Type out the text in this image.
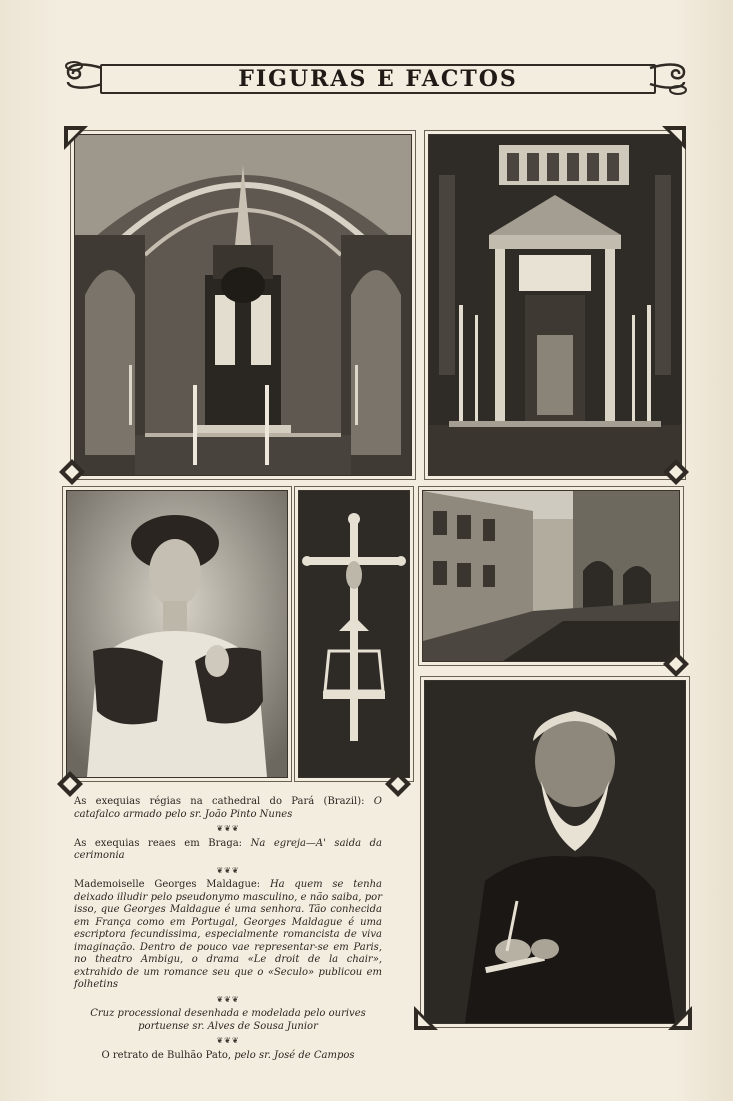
FIGURAS E FACTOS

As exequias régias na cathedral do Pará (Brazil): O catafalco armado pelo sr. João Pinto Nunes

❦❦❦

As exequias reaes em Braga: Na egreja—A' saida da cerimonia

❦❦❦

Mademoiselle Georges Maldague: Ha quem se tenha deixado illudir pelo pseudonymo masculino, e não saiba, por isso, que Georges Maldague é uma senhora. Tão conhecida em França como em Portugal, Georges Maldague é uma escriptora fecundissima, especialmente romancista de viva imaginação. Dentro de pouco vae representar-se em Paris, no theatro Ambigu, o drama «Le droit de la chair», extrahido de um romance seu que o «Seculo» publicou em folhetins

❦❦❦

Cruz processional desenhada e modelada pelo ourives portuense sr. Alves de Sousa Junior

❦❦❦

O retrato de Bulhão Pato, pelo sr. José de Campos
